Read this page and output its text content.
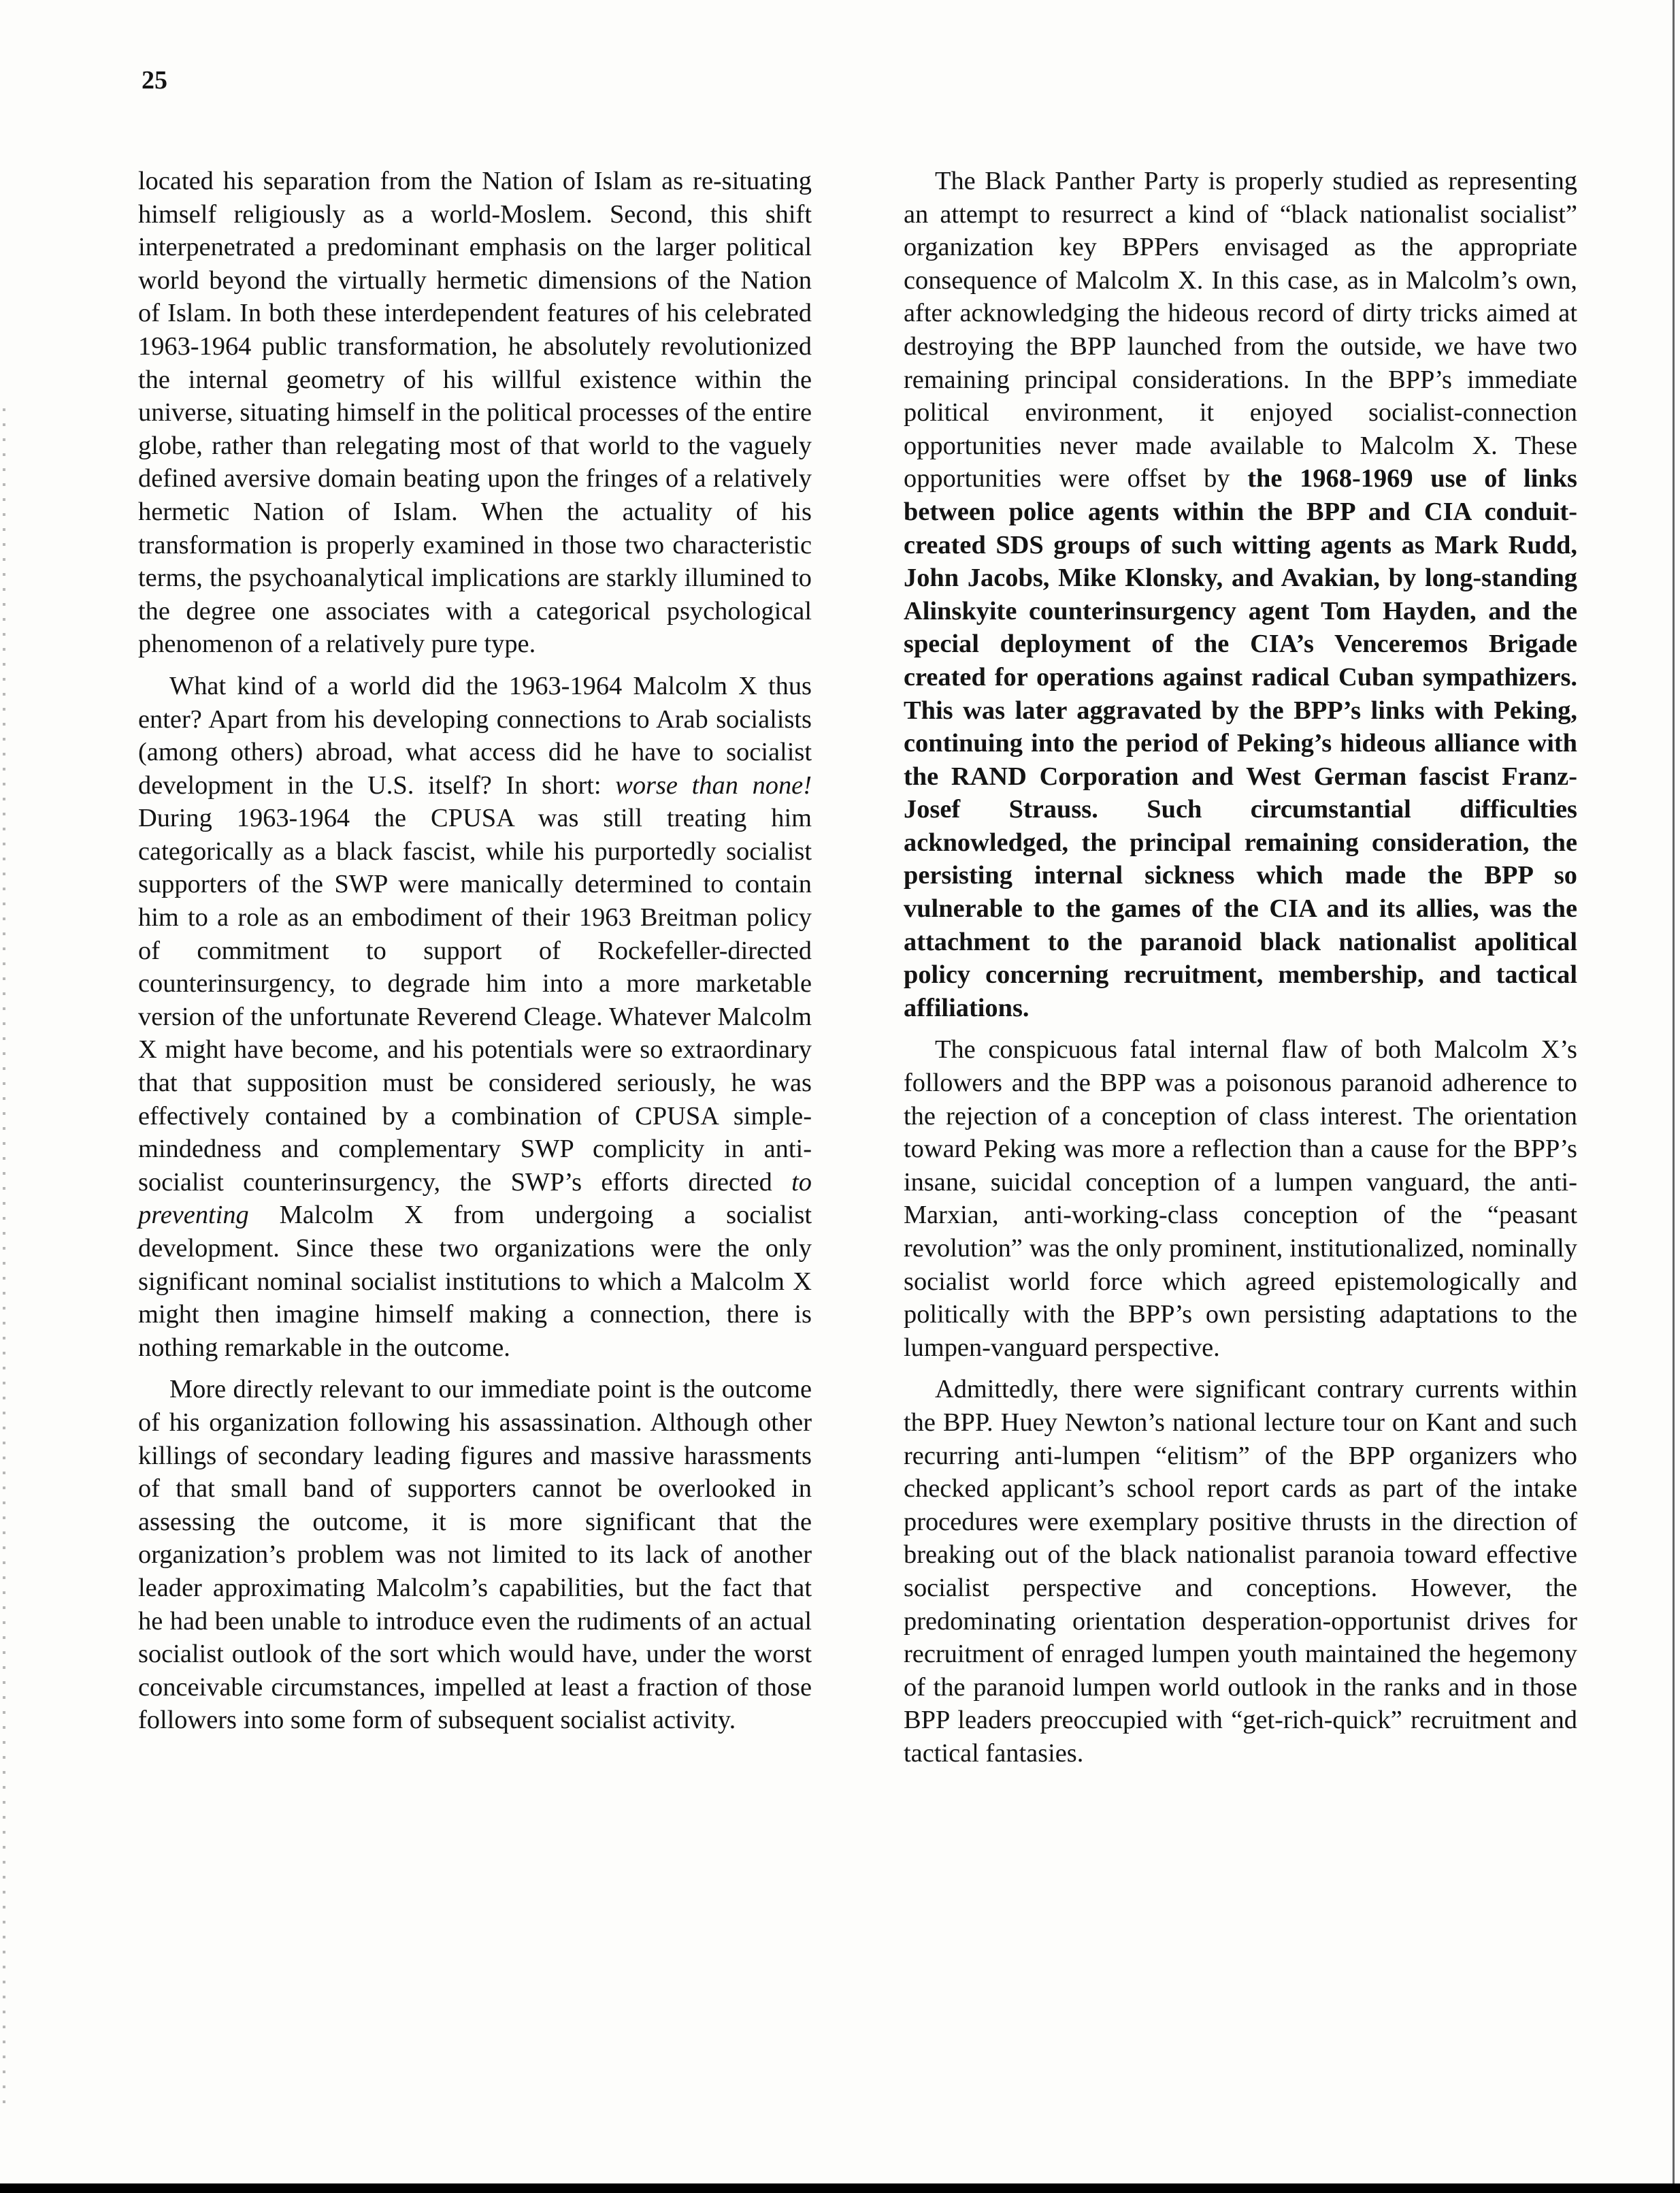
25

located his separation from the Nation of Islam as re-situating himself religiously as a world-Moslem. Second, this shift interpenetrated a predominant emphasis on the larger political world beyond the virtually hermetic dimensions of the Nation of Islam. In both these interdependent features of his celebrated 1963-1964 public transformation, he absolutely revolutionized the internal geometry of his willful existence within the universe, situating himself in the political processes of the entire globe, rather than relegating most of that world to the vaguely defined aversive domain beating upon the fringes of a relatively hermetic Nation of Islam. When the actuality of his transformation is properly examined in those two characteristic terms, the psychoanalytical implications are starkly illumined to the degree one associates with a categorical psychological phenomenon of a relatively pure type.

What kind of a world did the 1963-1964 Malcolm X thus enter? Apart from his developing connections to Arab socialists (among others) abroad, what access did he have to socialist development in the U.S. itself? In short: worse than none! During 1963-1964 the CPUSA was still treating him categorically as a black fascist, while his purportedly socialist supporters of the SWP were manically determined to contain him to a role as an embodiment of their 1963 Breitman policy of commitment to support of Rockefeller-directed counterinsurgency, to degrade him into a more marketable version of the unfortunate Reverend Cleage. Whatever Malcolm X might have become, and his potentials were so extraordinary that that supposition must be considered seriously, he was effectively contained by a combination of CPUSA simple-mindedness and complementary SWP complicity in anti-socialist counterinsurgency, the SWP’s efforts directed to preventing Malcolm X from undergoing a socialist development. Since these two organizations were the only significant nominal socialist institutions to which a Malcolm X might then imagine himself making a connection, there is nothing remarkable in the outcome.

More directly relevant to our immediate point is the outcome of his organization following his assassination. Although other killings of secondary leading figures and massive harassments of that small band of supporters cannot be overlooked in assessing the outcome, it is more significant that the organization’s problem was not limited to its lack of another leader approximating Malcolm’s capabilities, but the fact that he had been unable to introduce even the rudiments of an actual socialist outlook of the sort which would have, under the worst conceivable circumstances, impelled at least a fraction of those followers into some form of subsequent socialist activity.

The Black Panther Party is properly studied as representing an attempt to resurrect a kind of “black nationalist socialist” organization key BPPers envisaged as the appropriate consequence of Malcolm X. In this case, as in Malcolm’s own, after acknowledging the hideous record of dirty tricks aimed at destroying the BPP launched from the outside, we have two remaining principal considerations. In the BPP’s immediate political environment, it enjoyed socialist-connection opportunities never made available to Malcolm X. These opportunities were offset by the 1968-1969 use of links between police agents within the BPP and CIA conduit-created SDS groups of such witting agents as Mark Rudd, John Jacobs, Mike Klonsky, and Avakian, by long-standing Alinskyite counterinsurgency agent Tom Hayden, and the special deployment of the CIA’s Venceremos Brigade created for operations against radical Cuban sympathizers. This was later aggravated by the BPP’s links with Peking, continuing into the period of Peking’s hideous alliance with the RAND Corporation and West German fascist Franz-Josef Strauss. Such circumstantial difficulties acknowledged, the principal remaining consideration, the persisting internal sickness which made the BPP so vulnerable to the games of the CIA and its allies, was the attachment to the paranoid black nationalist apolitical policy concerning recruitment, membership, and tactical affiliations.

The conspicuous fatal internal flaw of both Malcolm X’s followers and the BPP was a poisonous paranoid adherence to the rejection of a conception of class interest. The orientation toward Peking was more a reflection than a cause for the BPP’s insane, suicidal conception of a lumpen vanguard, the anti-Marxian, anti-working-class conception of the “peasant revolution” was the only prominent, institutionalized, nominally socialist world force which agreed epistemologically and politically with the BPP’s own persisting adaptations to the lumpen-vanguard perspective.

Admittedly, there were significant contrary currents within the BPP. Huey Newton’s national lecture tour on Kant and such recurring anti-lumpen “elitism” of the BPP organizers who checked applicant’s school report cards as part of the intake procedures were exemplary positive thrusts in the direction of breaking out of the black nationalist paranoia toward effective socialist perspective and conceptions. However, the predominating orientation desperation-opportunist drives for recruitment of enraged lumpen youth maintained the hegemony of the paranoid lumpen world outlook in the ranks and in those BPP leaders preoccupied with “get-rich-quick” recruitment and tactical fantasies.
